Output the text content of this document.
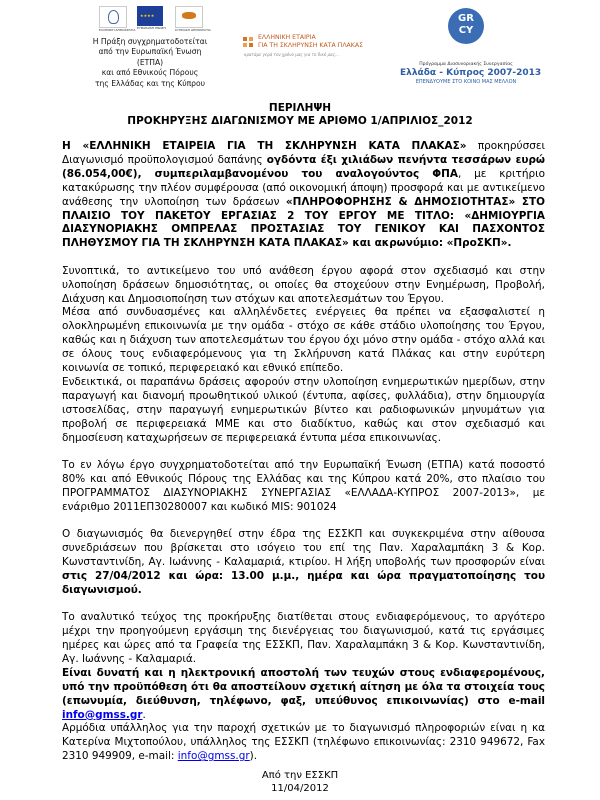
ΕΛΛΗΝΙΚΗ ΔΗΜΟΚΡΑΤΙΑ
★★★★ ΕΥΡΩΠΑΪΚΗ ΕΝΩΣΗ	ΚΥΠΡΙΑΚΗ ΔΗΜΟΚΡΑΤΙΑ
Η Πράξη συγχρηματοδοτείται
από την Ευρωπαϊκή Ένωση (ΕΤΠΑ)
και από Εθνικούς Πόρους
της Ελλάδας και της Κύπρου
ΕΛΛΗΝΙΚΗ ΕΤΑΙΡΙΑ
ΓΙΑ ΤΗ ΣΚΛΗΡΥΝΣΗ ΚΑΤΑ ΠΛΑΚΑΣ
κρατάμε γερά τον χρόνο μας για το δικό μας...
GR
CY
Πρόγραμμα Διασυνοριακής Συνεργασίας
Ελλάδα - Κύπρος 2007-2013
ΕΠΕΝΔΥΟΥΜΕ ΣΤΟ ΚΟΙΝΟ ΜΑΣ ΜΕΛΛΟΝ
ΠΕΡΙΛΗΨΗ
ΠΡΟΚΗΡΥΞΗΣ ΔΙΑΓΩΝΙΣΜΟΥ ΜΕ ΑΡΙΘΜΟ 1/ΑΠΡΙΛΙΟΣ_2012

Η «ΕΛΛΗΝΙΚΗ ΕΤΑΙΡΕΙΑ ΓΙΑ ΤΗ ΣΚΛΗΡΥΝΣΗ ΚΑΤΑ ΠΛΑΚΑΣ» προκηρύσσει Διαγωνισμό προϋπολογισμού δαπάνης ογδόντα έξι χιλιάδων πενήντα τεσσάρων ευρώ (86.054,00€), συμπεριλαμβανομένου του αναλογούντος ΦΠΑ, με κριτήριο κατακύρωσης την πλέον συμφέρουσα (από οικονομική άποψη) προσφορά και με αντικείμενο ανάθεσης την υλοποίηση των δράσεων «ΠΛΗΡΟΦΟΡΗΣΗΣ & ΔΗΜΟΣΙΟΤΗΤΑΣ» ΣΤΟ ΠΛΑΙΣΙΟ ΤΟΥ ΠΑΚΕΤΟΥ ΕΡΓΑΣΙΑΣ 2 ΤΟΥ ΕΡΓΟΥ ΜΕ ΤΙΤΛΟ: «ΔΗΜΙΟΥΡΓΙΑ ΔΙΑΣΥΝΟΡΙΑΚΗΣ ΟΜΠΡΕΛΑΣ ΠΡΟΣΤΑΣΙΑΣ ΤΟΥ ΓΕΝΙΚΟΥ ΚΑΙ ΠΑΣΧΟΝΤΟΣ ΠΛΗΘΥΣΜΟΥ ΓΙΑ ΤΗ ΣΚΛΗΡΥΝΣΗ ΚΑΤΑ ΠΛΑΚΑΣ» και ακρωνύμιο: «ΠροΣΚΠ».

Συνοπτικά, το αντικείμενο του υπό ανάθεση έργου αφορά στον σχεδιασμό και στην υλοποίηση δράσεων δημοσιότητας, οι οποίες θα στοχεύουν στην Ενημέρωση, Προβολή, Διάχυση και Δημοσιοποίηση των στόχων και αποτελεσμάτων του Έργου.

Μέσα από συνδυασμένες και αλληλένδετες ενέργειες θα πρέπει να εξασφαλιστεί η ολοκληρωμένη επικοινωνία με την ομάδα - στόχο σε κάθε στάδιο υλοποίησης του Έργου, καθώς και η διάχυση των αποτελεσμάτων του έργου όχι μόνο στην ομάδα - στόχο αλλά και σε όλους τους ενδιαφερόμενους για τη Σκλήρυνση κατά Πλάκας και στην ευρύτερη κοινωνία σε τοπικό, περιφερειακό και εθνικό επίπεδο.

Ενδεικτικά, οι παραπάνω δράσεις αφορούν στην υλοποίηση ενημερωτικών ημερίδων, στην παραγωγή και διανομή προωθητικού υλικού (έντυπα, αφίσες, φυλλάδια), στην δημιουργία ιστοσελίδας, στην παραγωγή ενημερωτικών βίντεο και ραδιοφωνικών μηνυμάτων για προβολή σε περιφερειακά ΜΜΕ και στο διαδίκτυο, καθώς και στον σχεδιασμό και δημοσίευση καταχωρήσεων σε περιφερειακά έντυπα μέσα επικοινωνίας.

Το εν λόγω έργο συγχρηματοδοτείται από την Ευρωπαϊκή Ένωση (ΕΤΠΑ) κατά ποσοστό 80% και από Εθνικούς Πόρους της Ελλάδας και της Κύπρου κατά 20%, στο πλαίσιο του ΠΡΟΓΡΑΜΜΑΤΟΣ ΔΙΑΣΥΝΟΡΙΑΚΗΣ ΣΥΝΕΡΓΑΣΙΑΣ «ΕΛΛΑΔΑ-ΚΥΠΡΟΣ 2007-2013», με ενάριθμο 2011ΕΠ30280007 και κωδικό MIS: 901024

Ο διαγωνισμός θα διενεργηθεί στην έδρα της ΕΣΣΚΠ και συγκεκριμένα στην αίθουσα συνεδριάσεων που βρίσκεται στο ισόγειο του επί της Παν. Χαραλαμπάκη 3 & Κορ. Κωνσταντινίδη, Αγ. Ιωάννης - Καλαμαριά, κτιρίου. Η λήξη υποβολής των προσφορών είναι στις 27/04/2012 και ώρα: 13.00 μ.μ., ημέρα και ώρα πραγματοποίησης του διαγωνισμού.

Το αναλυτικό τεύχος της προκήρυξης διατίθεται στους ενδιαφερόμενους, το αργότερο μέχρι την προηγούμενη εργάσιμη της διενέργειας του διαγωνισμού, κατά τις εργάσιμες ημέρες και ώρες από τα Γραφεία της ΕΣΣΚΠ, Παν. Χαραλαμπάκη 3 & Κορ. Κωνσταντινίδη, Αγ. Ιωάννης - Καλαμαριά.

Είναι δυνατή και η ηλεκτρονική αποστολή των τευχών στους ενδιαφερομένους, υπό την προϋπόθεση ότι θα αποστείλουν σχετική αίτηση με όλα τα στοιχεία τους (επωνυμία, διεύθυνση, τηλέφωνο, φαξ, υπεύθυνος επικοινωνίας) στο e-mail info@gmss.gr.

Αρμόδια υπάλληλος για την παροχή σχετικών με το διαγωνισμό πληροφοριών είναι η κα Κατερίνα Μιχτοπούλου, υπάλληλος της ΕΣΣΚΠ (τηλέφωνο επικοινωνίας: 2310 949672, Fax 2310 949909, e-mail: info@gmss.gr).

Από την ΕΣΣΚΠ
11/04/2012
